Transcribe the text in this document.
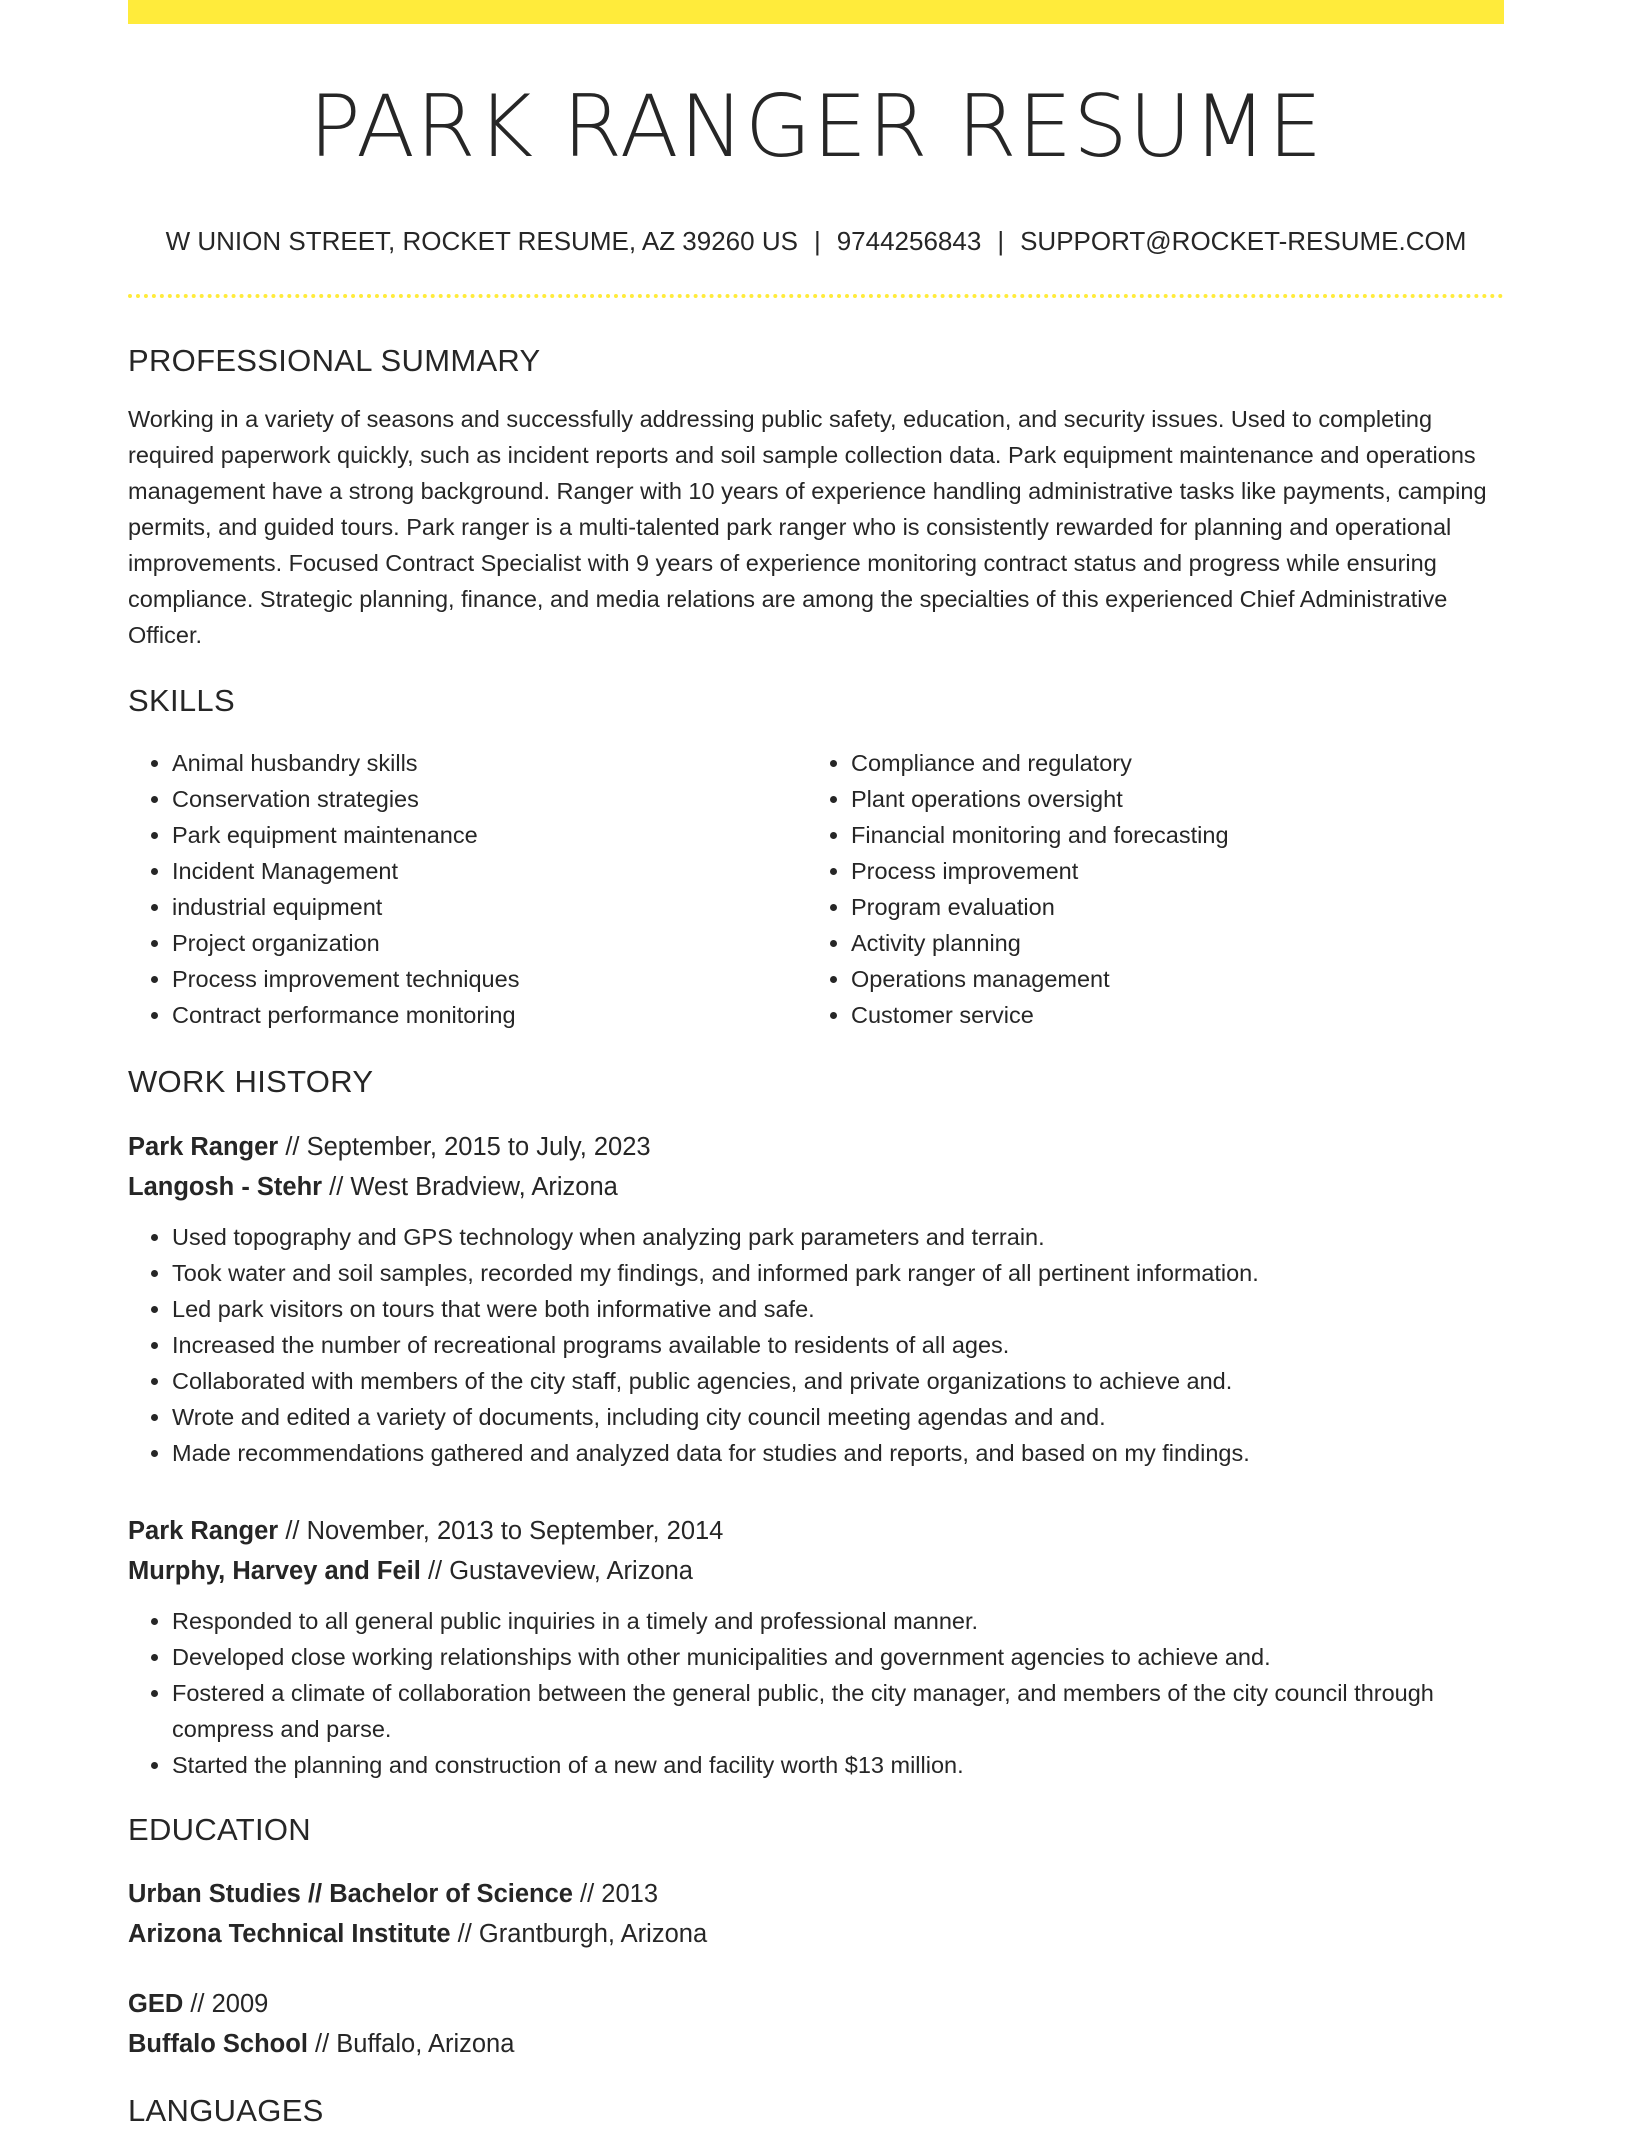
PARK RANGER RESUME
W UNION STREET, ROCKET RESUME, AZ 39260 US | 9744256843 | SUPPORT@ROCKET-RESUME.COM
PROFESSIONAL SUMMARY

Working in a variety of seasons and successfully addressing public safety, education, and security issues. Used to completing required paperwork quickly, such as incident reports and soil sample collection data. Park equipment maintenance and operations management have a strong background. Ranger with 10 years of experience handling administrative tasks like payments, camping permits, and guided tours. Park ranger is a multi-talented park ranger who is consistently rewarded for planning and operational improvements. Focused Contract Specialist with 9 years of experience monitoring contract status and progress while ensuring compliance. Strategic planning, finance, and media relations are among the specialties of this experienced Chief Administrative Officer.

SKILLS
• Animal husbandry skills
• Conservation strategies
• Park equipment maintenance
• Incident Management
• industrial equipment
• Project organization
• Process improvement techniques
• Contract performance monitoring
• Compliance and regulatory
• Plant operations oversight
• Financial monitoring and forecasting
• Process improvement
• Program evaluation
• Activity planning
• Operations management
• Customer service
WORK HISTORY
Park Ranger // September, 2015 to July, 2023
Langosh - Stehr // West Bradview, Arizona
• Used topography and GPS technology when analyzing park parameters and terrain.
• Took water and soil samples, recorded my findings, and informed park ranger of all pertinent information.
• Led park visitors on tours that were both informative and safe.
• Increased the number of recreational programs available to residents of all ages.
• Collaborated with members of the city staff, public agencies, and private organizations to achieve and.
• Wrote and edited a variety of documents, including city council meeting agendas and and.
• Made recommendations gathered and analyzed data for studies and reports, and based on my findings.
Park Ranger // November, 2013 to September, 2014
Murphy, Harvey and Feil // Gustaveview, Arizona
• Responded to all general public inquiries in a timely and professional manner.
• Developed close working relationships with other municipalities and government agencies to achieve and.
• Fostered a climate of collaboration between the general public, the city manager, and members of the city council through compress and parse.
• Started the planning and construction of a new and facility worth $13 million.
EDUCATION
Urban Studies // Bachelor of Science // 2013
Arizona Technical Institute // Grantburgh, Arizona
GED // 2009
Buffalo School // Buffalo, Arizona
LANGUAGES
